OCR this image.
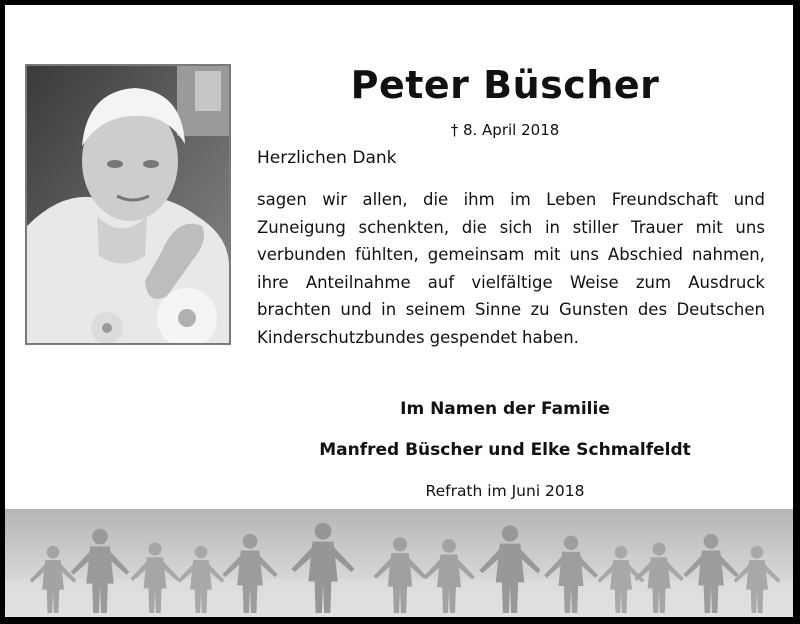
Peter Büscher
† 8. April 2018
Herzlichen Dank
sagen wir allen, die ihm im Leben Freundschaft und
Zuneigung schenkten, die sich in stiller Trauer mit uns
verbunden fühlten, gemeinsam mit uns Abschied nahmen,
ihre Anteilnahme auf vielfältige Weise zum Ausdruck
brachten und in seinem Sinne zu Gunsten des Deutschen
Kinderschutzbundes gespendet haben.
Im Namen der Familie
Manfred Büscher und Elke Schmalfeldt
Refrath im Juni 2018
